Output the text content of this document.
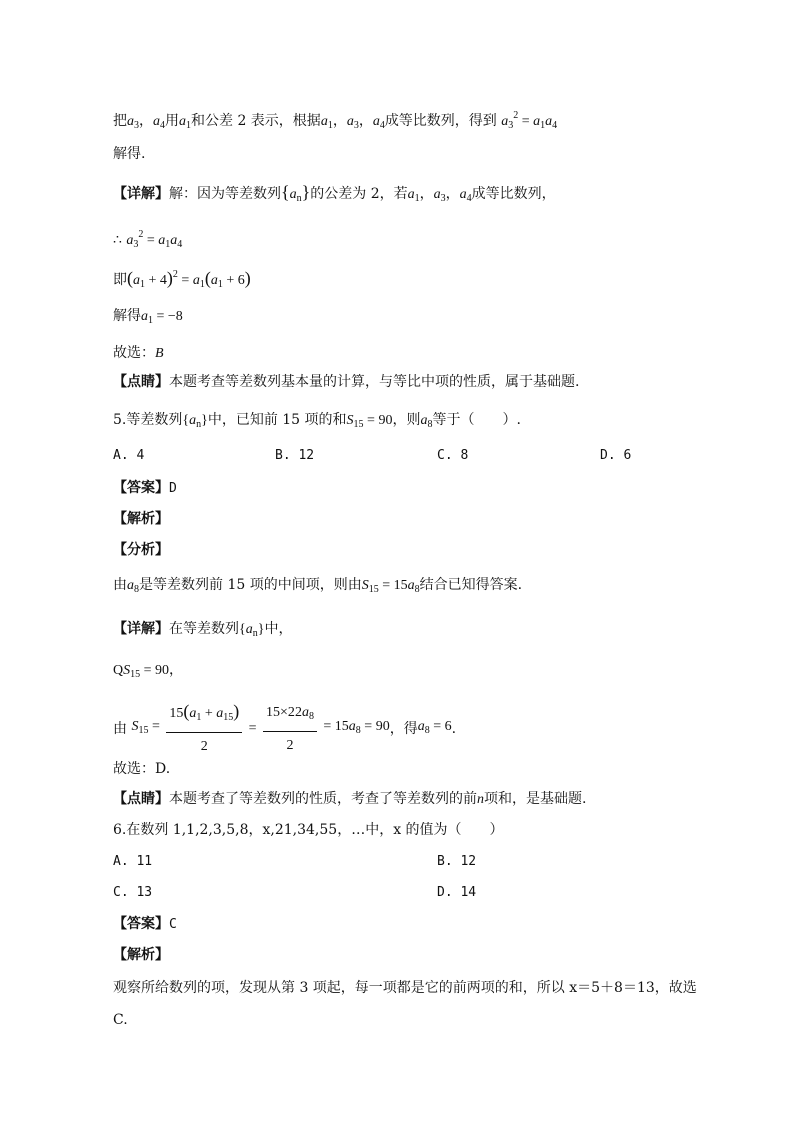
把$a_3$，$a_4$用$a_1$和公差 2 表示，根据$a_1$，$a_3$，$a_4$成等比数列，得到 $a_3^2 = a_1a_4$
解得.
【详解】解：因为等差数列$\{a_n\}$的公差为 2，若$a_1$，$a_3$，$a_4$成等比数列，
∴ $a_3^2 = a_1a_4$
即$(a_1 + 4)^2 = a_1(a_1 + 6)$
解得$a_1 = -8$
故选：B
【点睛】本题考查等差数列基本量的计算，与等比中项的性质，属于基础题.
5.等差数列$\{a_n\}$中，已知前 15 项的和$S_{15} = 90$，则$a_8$等于（　　）.
A. 4	B. 12	C. 8	D. 6
【答案】D
【解析】
【分析】
由$a_8$是等差数列前 15 项的中间项，则由$S_{15} = 15a_8$结合已知得答案.
【详解】在等差数列$\{a_n\}$中，
$QS_{15} = 90$，
由 $S_{15} = \frac{15(a_1 + a_{15})}{2} = \frac{15\times 22a_8}{2} = 15a_8 = 90$，得$a_8 = 6$.
故选：D.
【点睛】本题考查了等差数列的性质，考查了等差数列的前n项和，是基础题.
6.在数列 1,1,2,3,5,8，x,21,34,55，…中，x 的值为（　　）
A. 11	B. 12
C. 13	D. 14
【答案】C
【解析】
观察所给数列的项，发现从第 3 项起，每一项都是它的前两项的和，所以 x＝5＋8＝13，故选
C.
